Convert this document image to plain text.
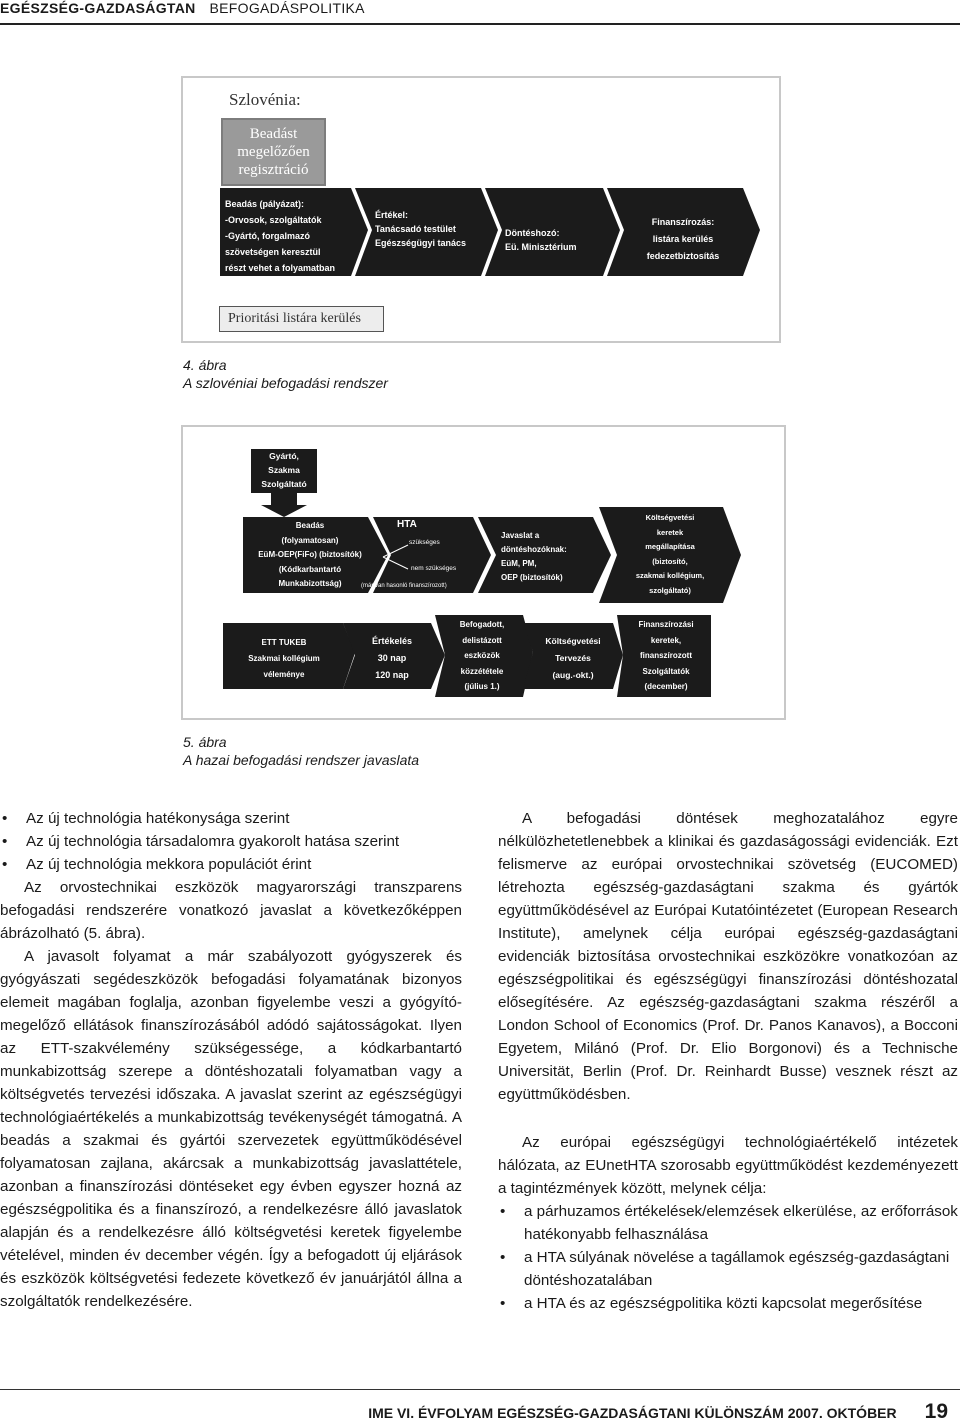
EGÉSZSÉG-GAZDASÁGTAN BEFOGADÁSPOLITIKA
Szlovénia:
Beadást
megelőzően
regisztráció
Beadás (pályázat):
-Orvosok, szolgáltatók
-Gyártó, forgalmazó
szövetségen keresztül
részt vehet a folyamatban
Értékel:
Tanácsadó testület
Egészségügyi tanács
Döntéshozó:
Eü. Minisztérium
Finanszírozás:
listára kerülés
fedezetbiztosítás
Prioritási listára kerülés
4. ábra
A szlovéniai befogadási rendszer
Gyártó,
Szakma
Szolgáltató
Beadás
(folyamatosan)
EüM-OEP(FiFo) (biztosítók)
(Kódkarbantartó
Munkabizottság)
HTA
szükséges
nem szükséges
(már van hasonló finanszírozott)
Javaslat a
döntéshozóknak:
EüM, PM,
OEP (biztosítók)
Költségvetési
keretek
megállapítása
(biztosító,
szakmai kollégium,
szolgáltató)
ETT TUKEB
Szakmai kollégium
véleménye
Értékelés
30 nap
120 nap
Befogadott,
delistázott
eszközök
közzététele
(július 1.)
Költségvetési
Tervezés
(aug.-okt.)
Finanszírozási
keretek,
finanszírozott
Szolgáltatók
(december)
5. ábra
A hazai befogadási rendszer javaslata
• Az új technológia hatékonysága szerint
• Az új technológia társadalomra gyakorolt hatása szerint
• Az új technológia mekkora populációt érint

Az orvostechnikai eszközök magyarországi transzparens befogadási rendszerére vonatkozó javaslat a következőképpen ábrázolható (5. ábra).

A javasolt folyamat a már szabályozott gyógyszerek és gyógyászati segédeszközök befogadási folyamatának bizonyos elemeit magában foglalja, azonban figyelembe veszi a gyógyító-megelőző ellátások finanszírozásából adódó sajátosságokat. Ilyen az ETT-szakvélemény szükségessége, a kódkarbantartó munkabizottság szerepe a döntéshozatali folyamatban vagy a költségvetés tervezési időszaka. A javaslat szerint az egészségügyi technológiaértékelés a munkabizottság tevékenységét támogatná. A beadás a szakmai és gyártói szervezetek együttműködésével folyamatosan zajlana, akárcsak a munkabizottság javaslattétele, azonban a finanszírozási döntéseket egy évben egyszer hozná az egészségpolitika és a finanszírozó, a rendelkezésre álló javaslatok alapján és a rendelkezésre álló költségvetési keretek figyelembe vételével, minden év december végén. Így a befogadott új eljárások és eszközök költségvetési fedezete következő év januárjától állna a szolgáltatók rendelkezésére.

A befogadási döntések meghozatalához egyre nélkülözhetetlenebbek a klinikai és gazdaságossági evidenciák. Ezt felismerve az európai orvostechnikai szövetség (EUCOMED) létrehozta egészség-gazdaságtani szakma és gyártók együttműködésével az Európai Kutatóintézetet (European Research Institute), amelynek célja európai egészség-gazdaságtani evidenciák biztosítása orvostechnikai eszközökre vonatkozóan az egészségpolitikai és egészségügyi finanszírozási döntéshozatal elősegítésére. Az egészség-gazdaságtani szakma részéről a London School of Economics (Prof. Dr. Panos Kanavos), a Bocconi Egyetem, Milánó (Prof. Dr. Elio Borgonovi) és a Technische Universität, Berlin (Prof. Dr. Reinhardt Busse) vesznek részt az együttműködésben.

Az európai egészségügyi technológiaértékelő intézetek hálózata, az EUnetHTA szorosabb együttműködést kezdeményezett a tagintézmények között, melynek célja:

• a párhuzamos értékelések/elemzések elkerülése, az erőforrások hatékonyabb felhasználása
• a HTA súlyának növelése a tagállamok egészség-gazdaságtani döntéshozatalában
• a HTA és az egészségpolitika közti kapcsolat megerősítése
IME VI. ÉVFOLYAM EGÉSZSÉG-GAZDASÁGTANI KÜLÖNSZÁM 2007. OKTÓBER 19
